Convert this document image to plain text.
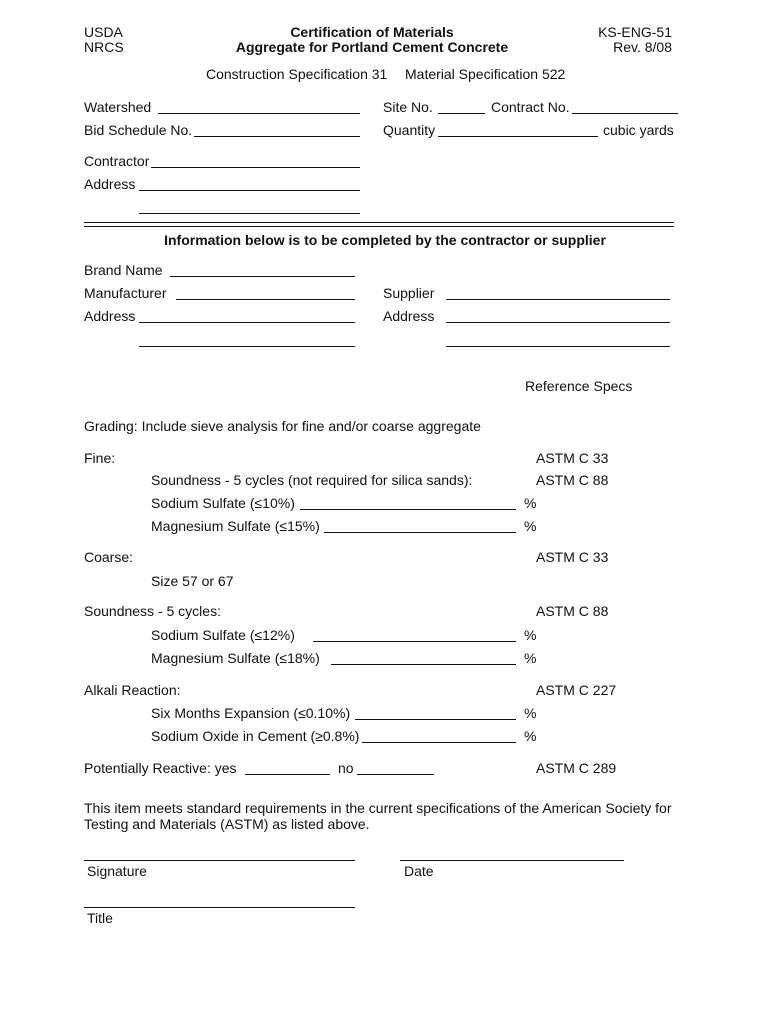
USDA
NRCS
Certification of Materials
Aggregate for Portland Cement Concrete
KS-ENG-51
Rev. 8/08
Construction Specification 31 Material Specification 522
Watershed	Site No.	Contract No.
Bid Schedule No.	Quantity	cubic yards
Contractor
Address
Information below is to be completed by the contractor or supplier
Brand Name
Manufacturer	Supplier
Address	Address
Reference Specs
Grading: Include sieve analysis for fine and/or coarse aggregate
Fine:	ASTM C 33
Soundness - 5 cycles (not required for silica sands):	ASTM C 88
Sodium Sulfate (≤10%)	%
Magnesium Sulfate (≤15%)	%
Coarse:	ASTM C 33
Size 57 or 67
Soundness - 5 cycles:	ASTM C 88
Sodium Sulfate (≤12%)	%
Magnesium Sulfate (≤18%)	%
Alkali Reaction:	ASTM C 227
Six Months Expansion (≤0.10%)	%
Sodium Oxide in Cement (≥0.8%)	%
Potentially Reactive: yes	no	ASTM C 289
This item meets standard requirements in the current specifications of the American Society for
Testing and Materials (ASTM) as listed above.
Signature	Date
Title
